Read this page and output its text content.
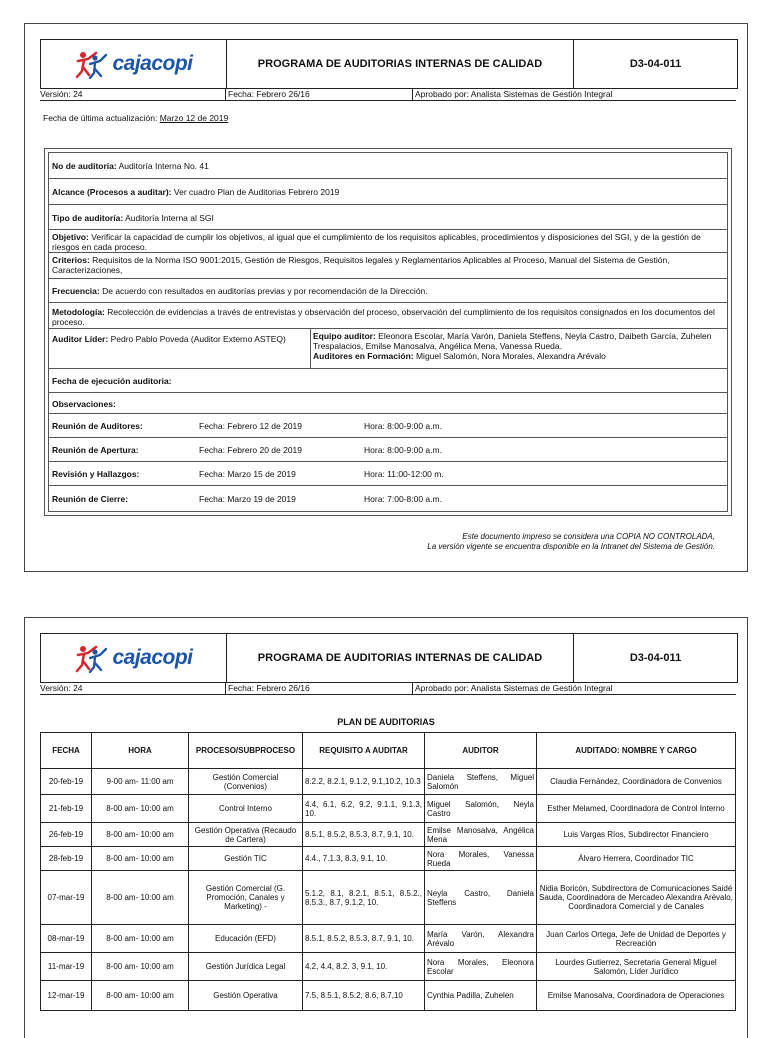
cajacopi	PROGRAMA DE AUDITORIAS INTERNAS DE CALIDAD	D3-04-011
Versión: 24	Fecha: Febrero 26/16	Aprobado por: Analista Sistemas de Gestión Integral
Fecha de última actualización: Marzo 12 de 2019
No de auditoría: Auditoría Interna No. 41
Alcance (Procesos a auditar): Ver cuadro Plan de Auditorias Febrero 2019
Tipo de auditoría: Auditoría Interna al SGI
Objetivo: Verificar la capacidad de cumplir los objetivos, al igual que el cumplimiento de los requisitos aplicables, procedimientos y disposiciones del SGI, y de la gestión de riesgos en cada proceso.
Criterios: Requisitos de la Norma ISO 9001:2015, Gestión de Riesgos, Requisitos legales y Reglamentarios Aplicables al Proceso, Manual del Sistema de Gestión, Caracterizaciones,
Frecuencia: De acuerdo con resultados en auditorías previas y por recomendación de la Dirección.
Metodología: Recolección de evidencias a través de entrevistas y observación del proceso, observación del cumplimiento de los requisitos consignados en los documentos del proceso.
Auditor Líder: Pedro Pablo Poveda (Auditor Externo ASTEQ)	Equipo auditor: Eleonora Escolar, María Varón, Daniela Steffens, Neyla Castro, Daibeth García, Zuhelen Trespalacios, Emilse Manosalva, Angélica Mena, Vanessa Rueda.
Auditores en Formación: Miguel Salomón, Nora Morales, Alexandra Arévalo
Fecha de ejecución auditoria:
Observaciones:
Reunión de Auditores:	Fecha: Febrero 12 de 2019	Hora: 8:00-9:00 a.m.
Reunión de Apertura:	Fecha: Febrero 20 de 2019	Hora: 8:00-9:00 a.m.
Revisión y Hallazgos:	Fecha: Marzo 15 de 2019	Hora: 11:00-12:00 m.
Reunión de Cierre:	Fecha: Marzo 19 de 2019	Hora: 7:00-8:00 a.m.
Este documento impreso se considera una COPIA NO CONTROLADA,
La versión vigente se encuentra disponible en la Intranet del Sistema de Gestión.
cajacopi	PROGRAMA DE AUDITORIAS INTERNAS DE CALIDAD	D3-04-011
Versión: 24	Fecha: Febrero 26/16	Aprobado por: Analista Sistemas de Gestión Integral
PLAN DE AUDITORIAS
FECHA	HORA	PROCESO/SUBPROCESO	REQUISITO A AUDITAR	AUDITOR	AUDITADO: NOMBRE Y CARGO
20-feb-19	9-00 am- 11:00 am	Gestión Comercial (Convenios)	8.2.2, 8.2.1, 9.1.2, 9.1,10.2, 10.3	Daniela Steffens, Miguel Salomón	Claudia Fernández, Coordinadora de Convenios
21-feb-19	8-00 am- 10:00 am	Control Interno	4.4, 6.1, 6.2, 9.2, 9.1.1, 9.1.3, 10.	Miguel Salomón, Neyla Castro	Esther Melamed, Coordinadora de Control Interno
26-feb-19	8-00 am- 10:00 am	Gestión Operativa (Recaudo de Cartera)	8.5.1, 8.5.2, 8.5.3, 8.7, 9.1, 10.	Emilse Manosalva, Angélica Mena	Luis Vargas Ríos, Subdirector Financiero
28-feb-19	8-00 am- 10:00 am	Gestión TIC	4.4., 7.1.3, 8.3, 9.1, 10.	Nora Morales, Vanessa Rueda	Álvaro Herrera, Coordinador TIC
07-mar-19	8-00 am- 10:00 am	Gestión Comercial (G. Promoción, Canales y Marketing) -	5.1.2, 8.1, 8.2.1, 8.5.1, 8.5.2., 8.5.3., 8.7, 9.1.2, 10.	Neyla Castro, Daniela Steffens	Nidia Boricón, Subdirectora de Comunicaciones Saidé Sauda, Coordinadora de Mercadeo Alexandra Arévalo, Coordinadora Comercial y de Canales
08-mar-19	8-00 am- 10:00 am	Educación (EFD)	8.5.1, 8.5.2, 8.5.3, 8.7, 9.1, 10.	María Varón, Alexandra Arévalo	Juan Carlos Ortega, Jefe de Unidad de Deportes y Recreación
11-mar-19	8-00 am- 10:00 am	Gestión Jurídica Legal	4.2, 4.4, 8.2. 3, 9.1, 10.	Nora Morales, Eleonora Escolar	Lourdes Gutierrez, Secretaria General Miguel Salomón, Líder Jurídico
12-mar-19	8-00 am- 10:00 am	Gestión Operativa	7.5, 8.5.1, 8.5.2, 8.6, 8.7,10	Cynthia Padilla, Zuhelen	Emilse Manosalva, Coordinadora de Operaciones
